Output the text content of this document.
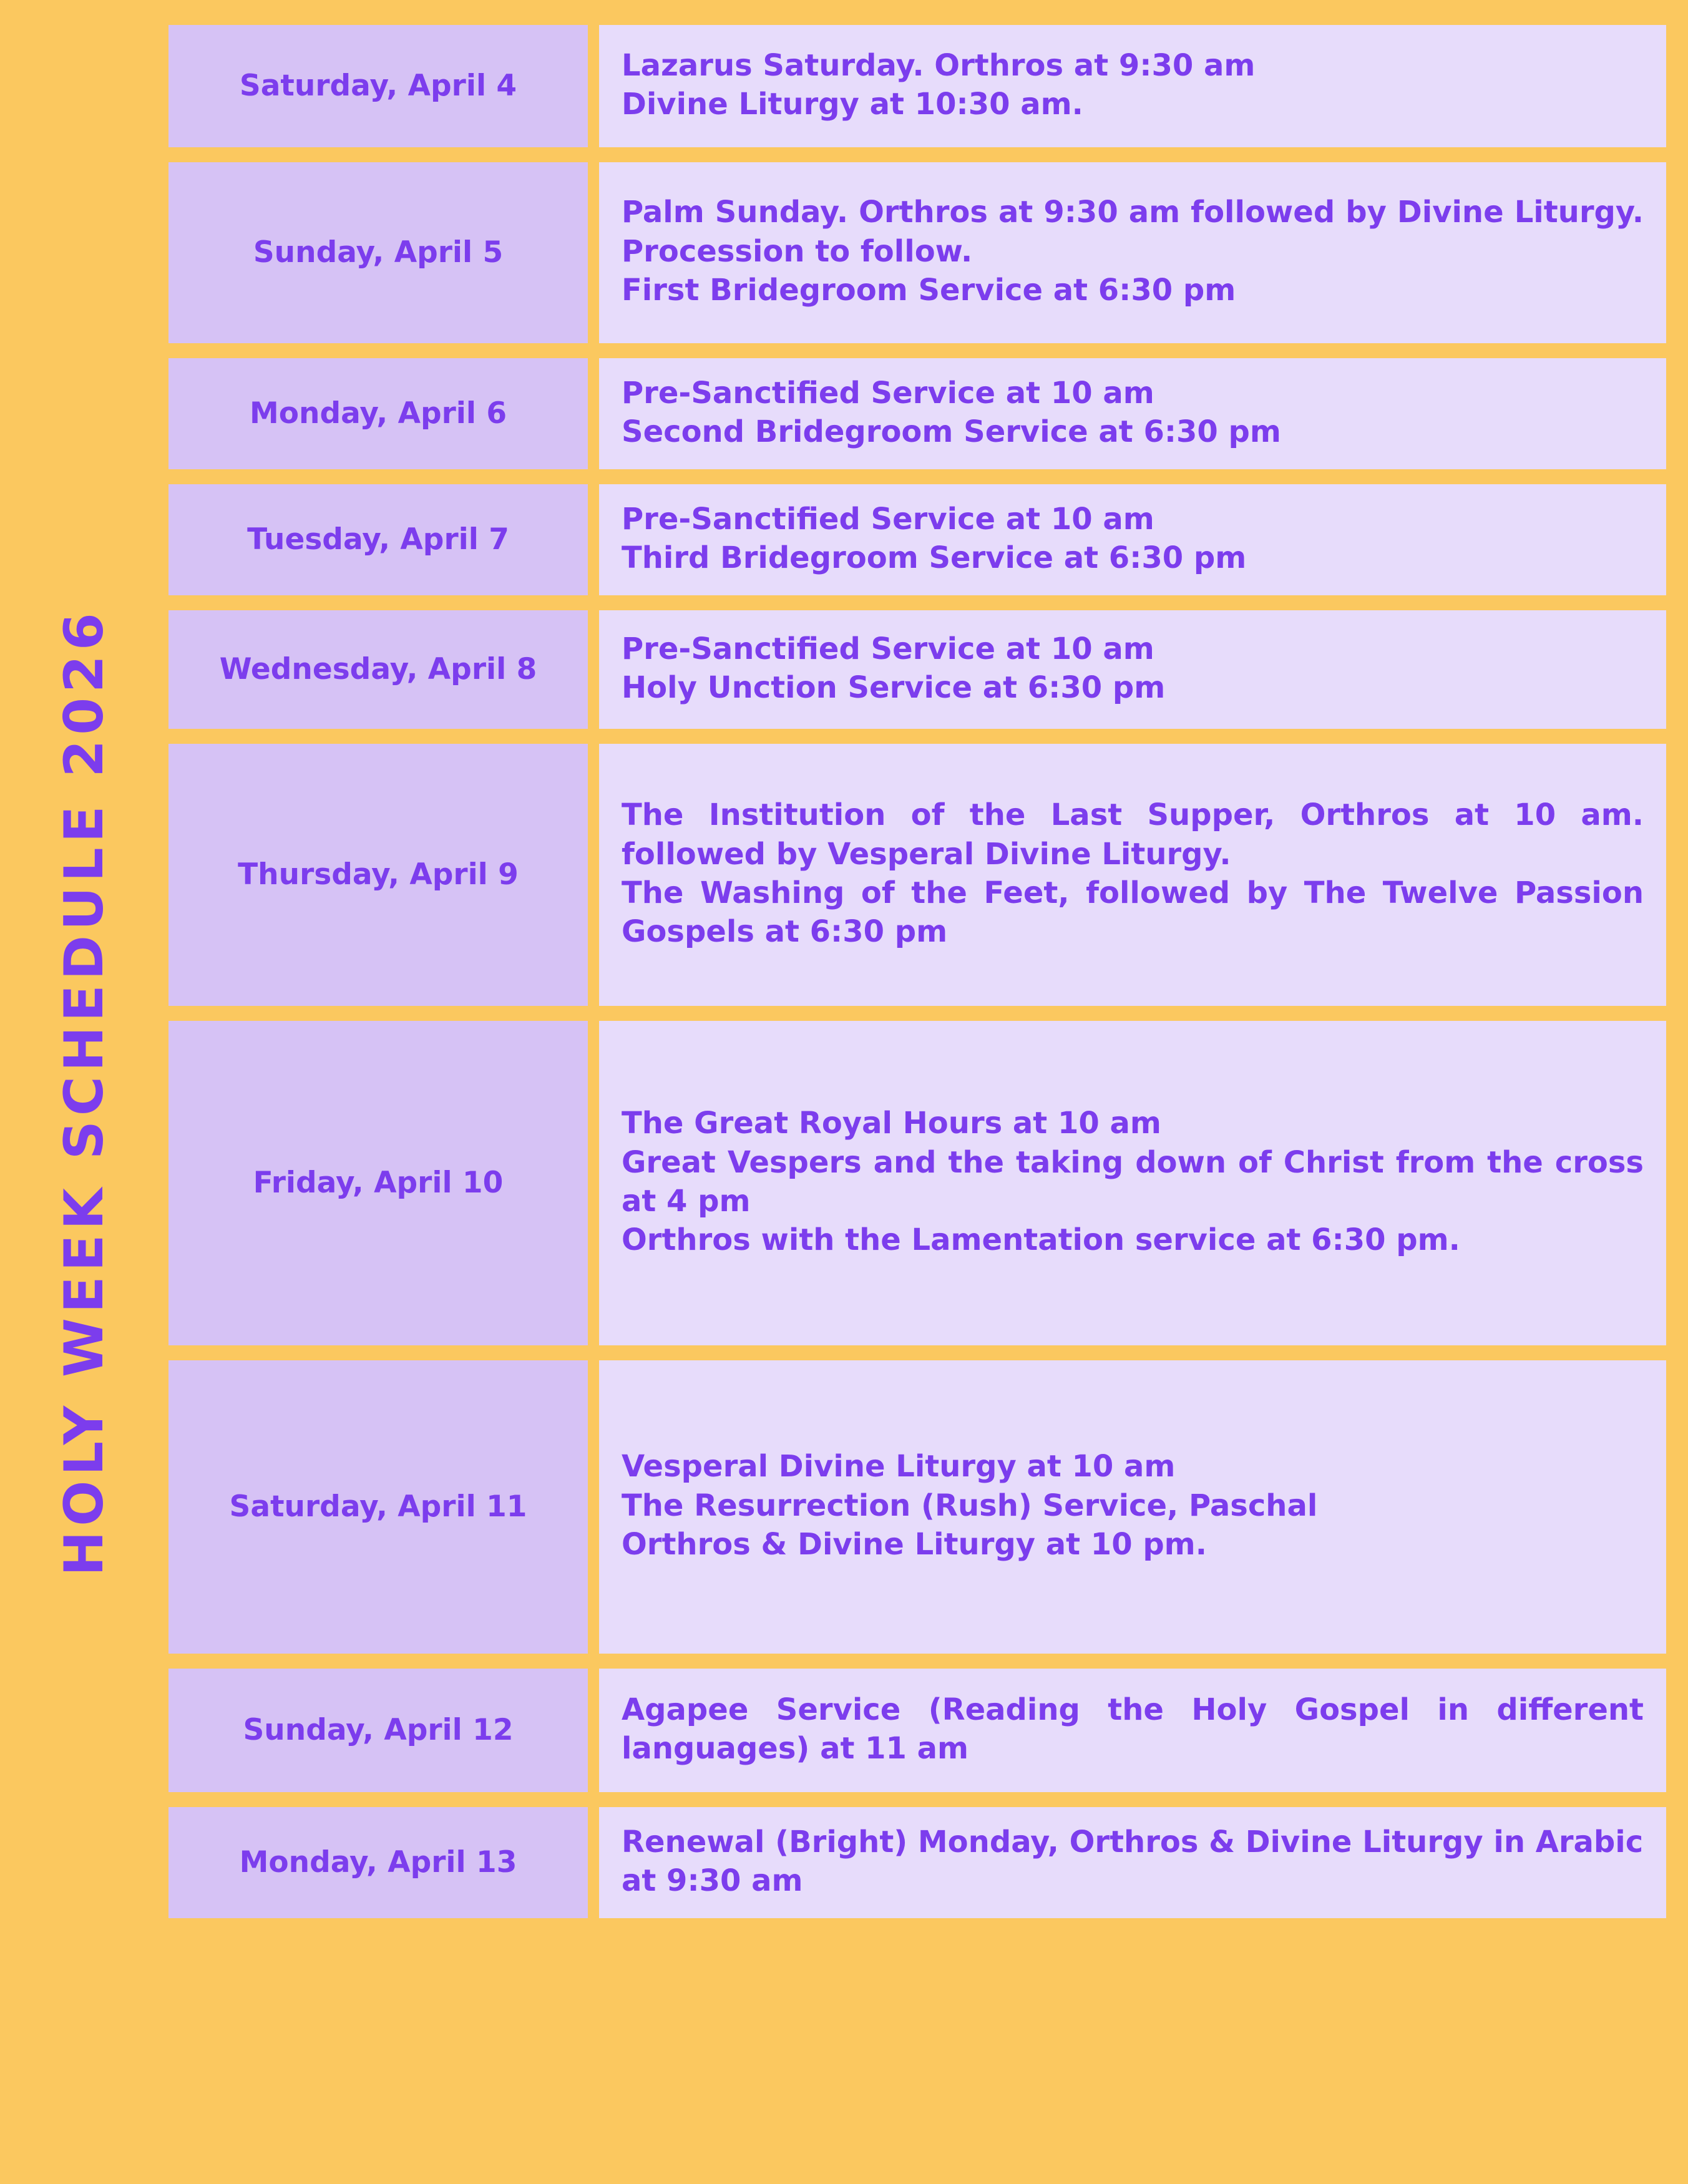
HOLY WEEK SCHEDULE 2026
Saturday, April 4
Lazarus Saturday. Orthros at 9:30 am
Divine Liturgy at 10:30 am.
Sunday, April 5
Palm Sunday. Orthros at 9:30 am followed by Divine Liturgy. Procession to follow.
First Bridegroom Service at 6:30 pm
Monday, April 6
Pre-Sanctified Service at 10 am
Second Bridegroom Service at 6:30 pm
Tuesday, April 7
Pre-Sanctified Service at 10 am
Third Bridegroom Service at 6:30 pm
Wednesday, April 8
Pre-Sanctified Service at 10 am
Holy Unction Service at 6:30 pm
Thursday, April 9
The Institution of the Last Supper, Orthros at 10 am. followed by Vesperal Divine Liturgy.
The Washing of the Feet, followed by The Twelve Passion Gospels at 6:30 pm
Friday, April 10
The Great Royal Hours at 10 am
Great Vespers and the taking down of Christ from the cross at 4 pm
Orthros with the Lamentation service at 6:30 pm.
Saturday, April 11
Vesperal Divine Liturgy at 10 am
The Resurrection (Rush) Service, Paschal
Orthros & Divine Liturgy at 10 pm.
Sunday, April 12
Agapee Service (Reading the Holy Gospel in different languages) at 11 am
Monday, April 13
Renewal (Bright) Monday, Orthros & Divine Liturgy in Arabic at 9:30 am
